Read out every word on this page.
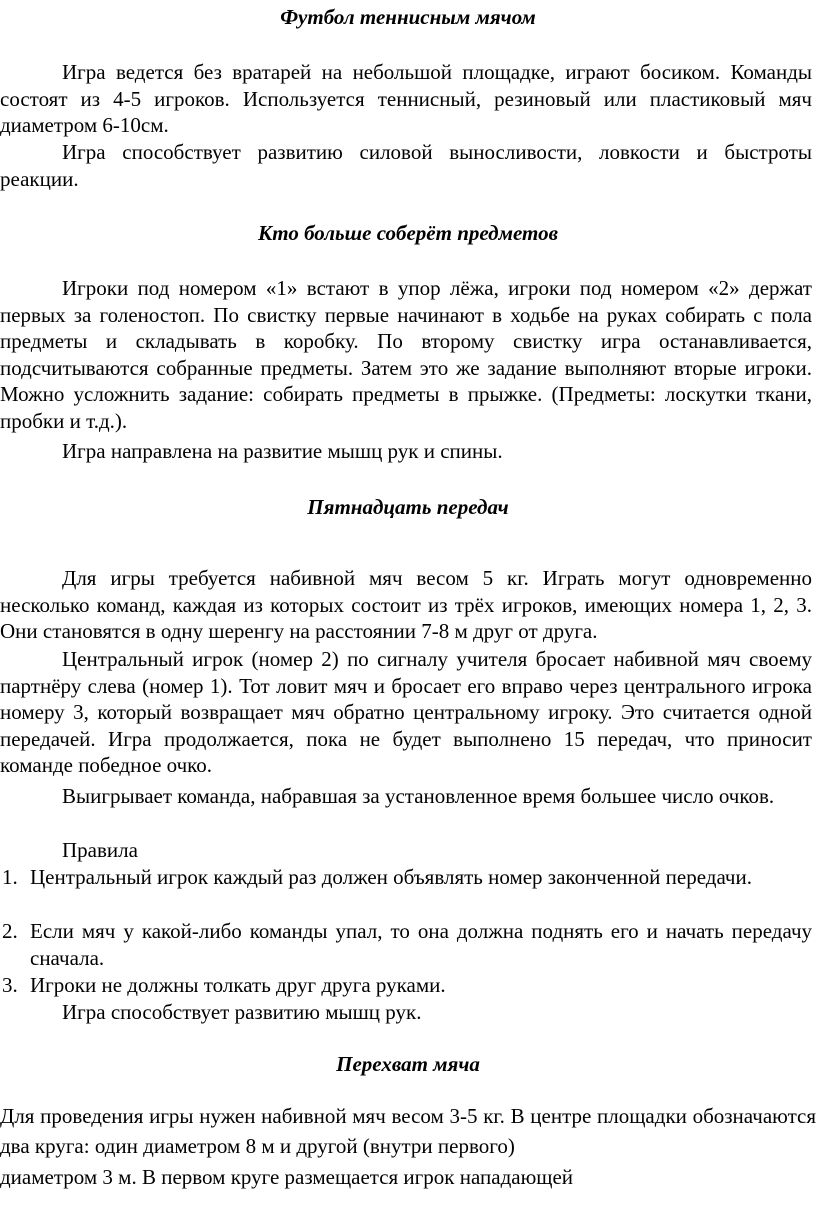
Футбол теннисным мячом
Игра ведется без вратарей на небольшой площадке, играют босиком. Команды состоят из 4-5 игроков. Используется теннисный, резиновый или пластиковый мяч диаметром 6-10см.
Игра способствует развитию силовой выносливости, ловкости и быстроты реакции.
Кто больше соберёт предметов
Игроки под номером «1» встают в упор лёжа, игроки под номером «2» держат первых за голеностоп. По свистку первые начинают в ходьбе на руках собирать с пола предметы и складывать в коробку. По второму свистку игра останавливается, подсчитываются собранные предметы. Затем это же задание выполняют вторые игроки. Можно усложнить задание: собирать предметы в прыжке. (Предметы: лоскутки ткани, пробки и т.д.).
Игра направлена на развитие мышц рук и спины.
Пятнадцать передач
Для игры требуется набивной мяч весом 5 кг. Играть могут одновременно несколько команд, каждая из которых состоит из трёх игроков, имеющих номера 1, 2, 3. Они становятся в одну шеренгу на расстоянии 7-8 м друг от друга.
Центральный игрок (номер 2) по сигналу учителя бросает набивной мяч своему партнёру слева (номер 1). Тот ловит мяч и бросает его вправо через центрального игрока номеру 3, который возвращает мяч обратно центральному игроку. Это считается одной передачей. Игра продолжается, пока не будет выполнено 15 передач, что приносит команде победное очко.
Выигрывает команда, набравшая за установленное время большее число очков.
Правила
1. Центральный игрок каждый раз должен объявлять номер законченной передачи.
2. Если мяч у какой-либо команды упал, то она должна поднять его и начать передачу сначала.
3. Игроки не должны толкать друг друга руками.
Игра способствует развитию мышц рук.
Перехват мяча
Для проведения игры нужен набивной мяч весом 3-5 кг. В центре площадки обозначаются два круга: один диаметром 8 м и другой (внутри первого)
диаметром 3 м. В первом круге размещается игрок нападающей
